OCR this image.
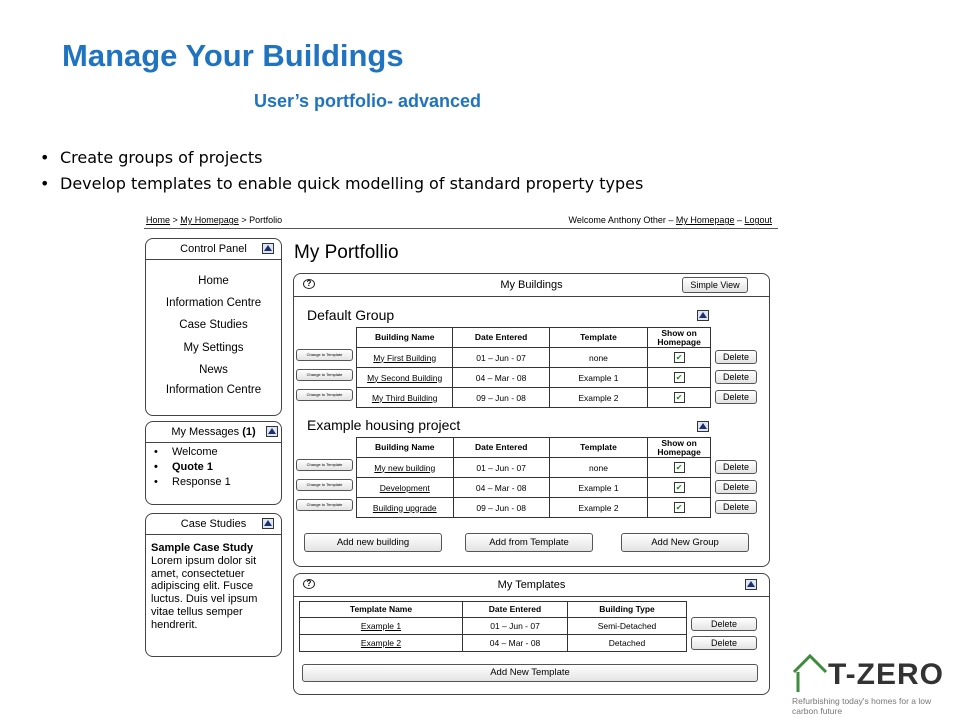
Manage Your Buildings
User’s portfolio- advanced
• Create groups of projects
• Develop templates to enable quick modelling of standard property types
Home > My Homepage > Portfolio	Welcome Anthony Other – My Homepage – Logout
Control Panel
Home
Information Centre
Case Studies
My Settings
News
Information Centre
My Messages (1)
• Welcome
• Quote 1
• Response 1
Case Studies
Sample Case Study
Lorem ipsum dolor sit amet, consectetuer adipiscing elit. Fusce luctus. Duis vel ipsum vitae tellus semper hendrerit.
My Portfollio
My Buildings
?	Simple View
Default Group
Building Name	Date Entered	Template	Show on Homepage
My First Building	01 – Jun - 07	none	✔
My Second Building	04 – Mar - 08	Example 1	✔
My Third Building	09 – Jun - 08	Example 2	✔
Change to Template
Change to Template
Change to Template
Delete
Delete
Delete
Example housing project
Building Name	Date Entered	Template	Show on Homepage
My new building	01 – Jun - 07	none	✔
Development	04 – Mar - 08	Example 1	✔
Building upgrade	09 – Jun - 08	Example 2	✔
Change to Template
Change to Template
Change to Template
Delete
Delete
Delete
Add new building	Add from Template	Add New Group
My Templates
?
Template Name	Date Entered	Building Type
Example 1	01 – Jun - 07	Semi-Detached
Example 2	04 – Mar - 08	Detached
Delete
Delete
Add New Template	T-ZERO
Refurbishing today's homes for a low carbon future
